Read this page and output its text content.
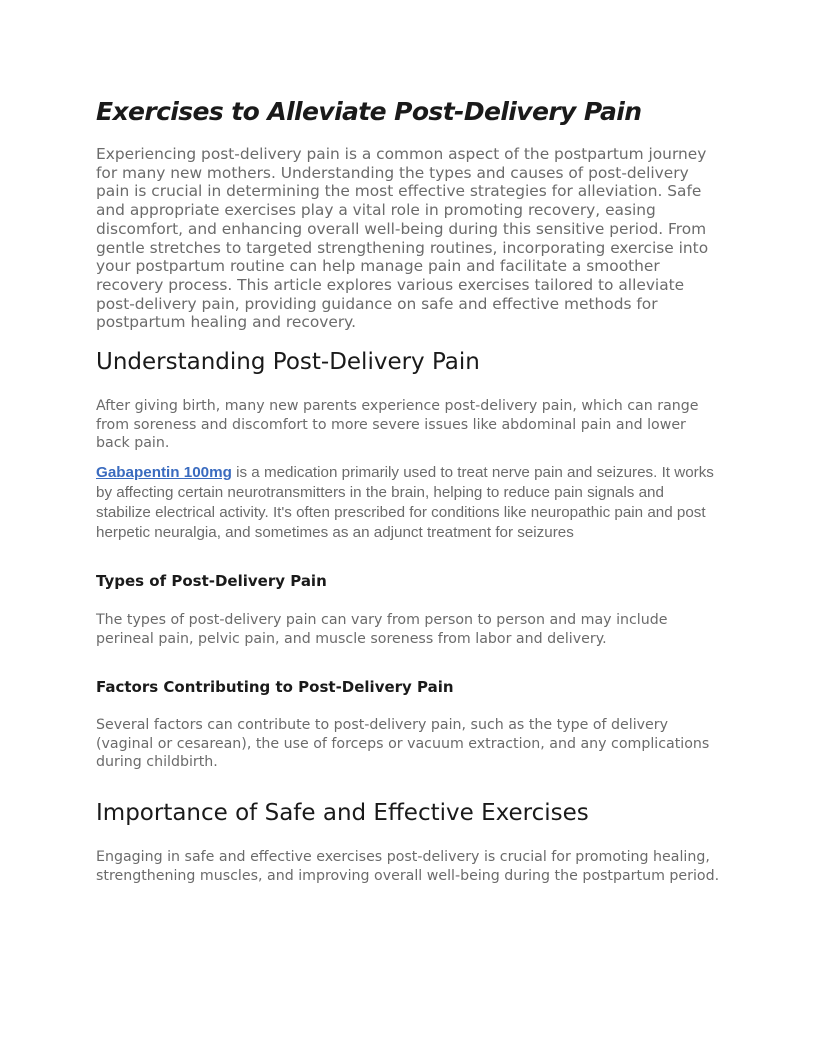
Exercises to Alleviate Post-Delivery Pain

Experiencing post-delivery pain is a common aspect of the postpartum journey for many new mothers. Understanding the types and causes of post-delivery pain is crucial in determining the most effective strategies for alleviation. Safe and appropriate exercises play a vital role in promoting recovery, easing discomfort, and enhancing overall well-being during this sensitive period. From gentle stretches to targeted strengthening routines, incorporating exercise into your postpartum routine can help manage pain and facilitate a smoother recovery process. This article explores various exercises tailored to alleviate post-delivery pain, providing guidance on safe and effective methods for postpartum healing and recovery.

Understanding Post-Delivery Pain

After giving birth, many new parents experience post-delivery pain, which can range from soreness and discomfort to more severe issues like abdominal pain and lower back pain.

Gabapentin 100mg is a medication primarily used to treat nerve pain and seizures. It works by affecting certain neurotransmitters in the brain, helping to reduce pain signals and stabilize electrical activity. It's often prescribed for conditions like neuropathic pain and post herpetic neuralgia, and sometimes as an adjunct treatment for seizures

Types of Post-Delivery Pain

The types of post-delivery pain can vary from person to person and may include perineal pain, pelvic pain, and muscle soreness from labor and delivery.

Factors Contributing to Post-Delivery Pain

Several factors can contribute to post-delivery pain, such as the type of delivery (vaginal or cesarean), the use of forceps or vacuum extraction, and any complications during childbirth.

Importance of Safe and Effective Exercises

Engaging in safe and effective exercises post-delivery is crucial for promoting healing, strengthening muscles, and improving overall well-being during the postpartum period.
